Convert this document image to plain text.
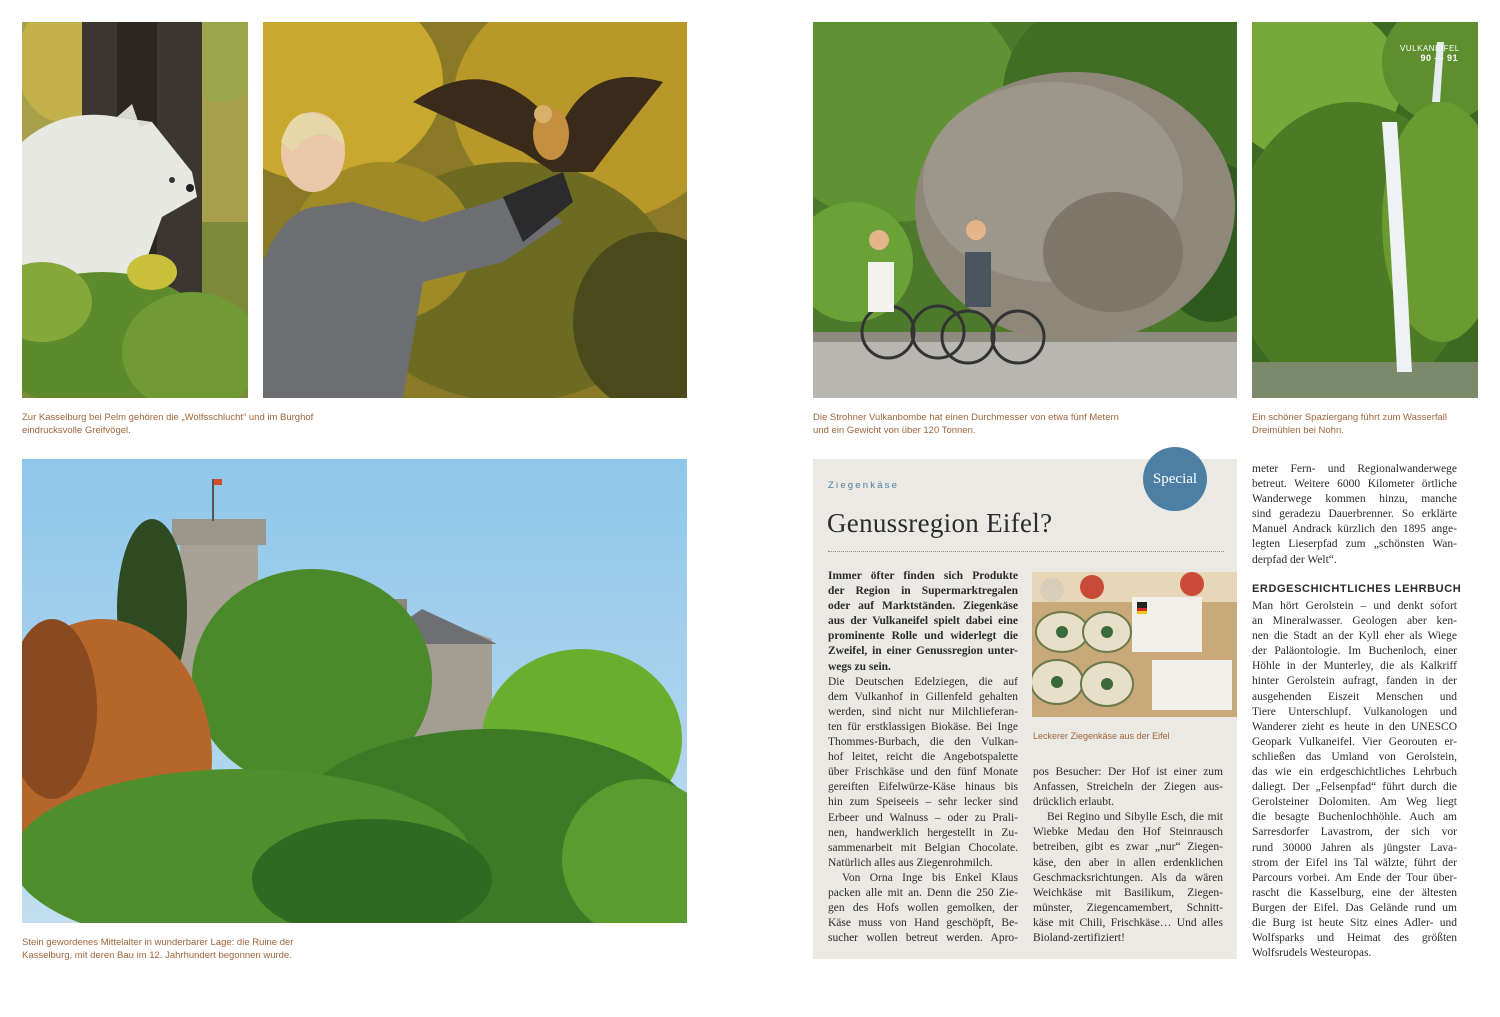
Zur Kasselburg bei Pelm gehören die „Wolfsschlucht“ und im Burghof
eindrucksvolle Greifvögel.
Stein gewordenes Mittelalter in wunderbarer Lage: die Ruine der
Kasselburg, mit deren Bau im 12. Jahrhundert begonnen wurde.
Die Strohner Vulkanbombe hat einen Durchmesser von etwa fünf Metern
und ein Gewicht von über 120 Tonnen.
VULKANEIFEL
90 — 91
Ein schöner Spaziergang führt zum Wasserfall
Dreimühlen bei Nohn.
Special
Ziegenkäse
Genussregion Eifel?
Leckerer Ziegenkäse aus der Eifel
Immer öfter finden sich Produkte
der Region in Supermarktregalen
oder auf Marktständen. Ziegenkäse
aus der Vulkaneifel spielt dabei eine
prominente Rolle und widerlegt die
Zweifel, in einer Genussregion unter-
wegs zu sein.
Die Deutschen Edelziegen, die auf
dem Vulkanhof in Gillenfeld gehalten
werden, sind nicht nur Milchlieferan-
ten für erstklassigen Biokäse. Bei Inge
Thommes-Burbach, die den Vulkan-
hof leitet, reicht die Angebotspalette
über Frischkäse und den fünf Monate
gereiften Eifelwürze-Käse hinaus bis
hin zum Speiseeis – sehr lecker sind
Erbeer und Walnuss – oder zu Prali-
nen, handwerklich hergestellt in Zu-
sammenarbeit mit Belgian Chocolate.
Natürlich alles aus Ziegenrohmilch.
Von Orna Inge bis Enkel Klaus
packen alle mit an. Denn die 250 Zie-
gen des Hofs wollen gemolken, der
Käse muss von Hand geschöpft, Be-
sucher wollen betreut werden. Apro-
pos Besucher: Der Hof ist einer zum
Anfassen, Streicheln der Ziegen aus-
drücklich erlaubt.
Bei Regino und Sibylle Esch, die mit
Wiebke Medau den Hof Steinrausch
betreiben, gibt es zwar „nur“ Ziegen-
käse, den aber in allen erdenklichen
Geschmacksrichtungen. Als da wären
Weichkäse mit Basilikum, Ziegen-
münster, Ziegencamembert, Schnitt-
käse mit Chili, Frischkäse… Und alles
Bioland-zertifiziert!
meter Fern- und Regionalwanderwege
betreut. Weitere 6000 Kilometer örtliche
Wanderwege kommen hinzu, manche
sind geradezu Dauerbrenner. So erklärte
Manuel Andrack kürzlich den 1895 ange-
legten Lieserpfad zum „schönsten Wan-
derpfad der Welt“.
ERDGESCHICHTLICHES LEHRBUCH
Man hört Gerolstein – und denkt sofort
an Mineralwasser. Geologen aber ken-
nen die Stadt an der Kyll eher als Wiege
der Paläontologie. Im Buchenloch, einer
Höhle in der Munterley, die als Kalkriff
hinter Gerolstein aufragt, fanden in der
ausgehenden Eiszeit Menschen und
Tiere Unterschlupf. Vulkanologen und
Wanderer zieht es heute in den UNESCO
Geopark Vulkaneifel. Vier Georouten er-
schließen das Umland von Gerolstein,
das wie ein erdgeschichtliches Lehrbuch
daliegt. Der „Felsenpfad“ führt durch die
Gerolsteiner Dolomiten. Am Weg liegt
die besagte Buchenlochhöhle. Auch am
Sarresdorfer Lavastrom, der sich vor
rund 30000 Jahren als jüngster Lava-
strom der Eifel ins Tal wälzte, führt der
Parcours vorbei. Am Ende der Tour über-
rascht die Kasselburg, eine der ältesten
Burgen der Eifel. Das Gelände rund um
die Burg ist heute Sitz eines Adler- und
Wolfsparks und Heimat des größten
Wolfsrudels Westeuropas.
